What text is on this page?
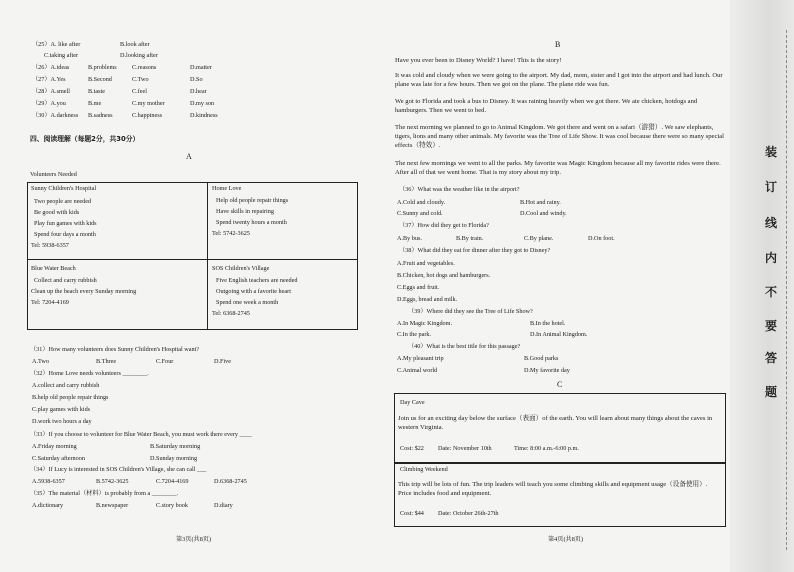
（25）A. like after	B.look after
C.taking after	D.looking after
（26）A.ideas	B.problems C.reasons	D.matter
（27）A.Yes	B.Second	C.Two	D.So
（28）A.smell	B.taste	C.feel	D.hear
（29）A.you	B.me	C.my mother	D.my son
（30）A.darkness B.sadness	C.happiness	D.kindness
四、阅读理解（每题2分，共30分）
A
Volunteers Needed
Sunny Children's Hospital
Two people are needed
Be good with kids
Play fun games with kids
Spend four days a month
Tel: 5938-6357
Home Love
Help old people repair things
Have skills in repairing
Spend twenty hours a month
Tel: 5742-3625
Blue Water Beach
Collect and carry rubbish
Clean up the beach every Sunday morning
Tel: 7204-4169
SOS Children's Village
Five English teachers are needed
Outgoing with a favorite heart
Spend one week a month
Tel: 6368-2745
（31）How many volunteers does Sunny Children's Hospital want?
A.Two	B.Three	C.Four	D.Five
（32）Home Love needs volunteers ________.
A.collect and carry rubbish
B.help old people repair things
C.play games with kids
D.work two hours a day
（33）If you choose to volunteer for Blue Water Beach, you must work there every ____
A.Friday morning	B.Saturday morning
C.Saturday afternoon	D.Sunday morning
（34）If Lucy is interested in SOS Children's Village, she can call ___
A.5938-6357	B.5742-3625	C.7204-4169	D.6368-2745
（35）The material（材料）is probably from a ________.
A.dictionary	B.newspaper	C.story book	D.diary
第3页(共8页)
B
Have you ever been to Disney World? I have! This is the story!
It was cold and cloudy when we were going to the airport. My dad, mom, sister and I got into the airport and had lunch. Our plane was late for a few hours. Then we got on the plane. The plane ride was fun.
We got to Florida and took a bus to Disney. It was raining heavily when we got there. We ate chicken, hotdogs and hamburgers. Then we went to bed.
The next morning we planned to go to Animal Kingdom. We got there and went on a safari（游猎）. We saw elephants, tigers, lions and many other animals. My favorite was the Tree of Life Show. It was cool because there were so many special effects（特效）.
The next few mornings we went to all the parks. My favorite was Magic Kingdom because all my favorite rides were there. After all of that we went home. That is my story about my trip.
（36）What was the weather like in the airport?
A.Cold and cloudy.	B.Hot and rainy.
C.Sunny and cold.	D.Cool and windy.
（37）How did they get to Florida?
A.By bus.	B.By train.	C.By plane.	D.On foot.
（38）What did they eat for dinner after they got to Disney?
A.Fruit and vegetables.
B.Chicken, hot dogs and hamburgers.
C.Eggs and fruit.
D.Eggs, bread and milk.
（39）Where did they see the Tree of Life Show?
A.In Magic Kingdom.	B.In the hotel.
C.In the park.	D.In Animal Kingdom.
（40）What is the best title for this passage?
A.My pleasant trip	B.Good parks
C.Animal world	D.My favorite day
C
Day Cave
Join us for an exciting day below the surface（表面）of the earth. You will learn about many things about the caves in western Virginia.
Cost: $22 Date: November 10th	Time: 8:00 a.m.-6:00 p.m.
Climbing Weekend
This trip will be lots of fun. The trip leaders will teach you some climbing skills and equipment usage（设备使用）. Price includes food and equipment.
Cost: $44 Date: October 26th-27th
第4页(共8页)
装
订
线
内
不
要
答
题
